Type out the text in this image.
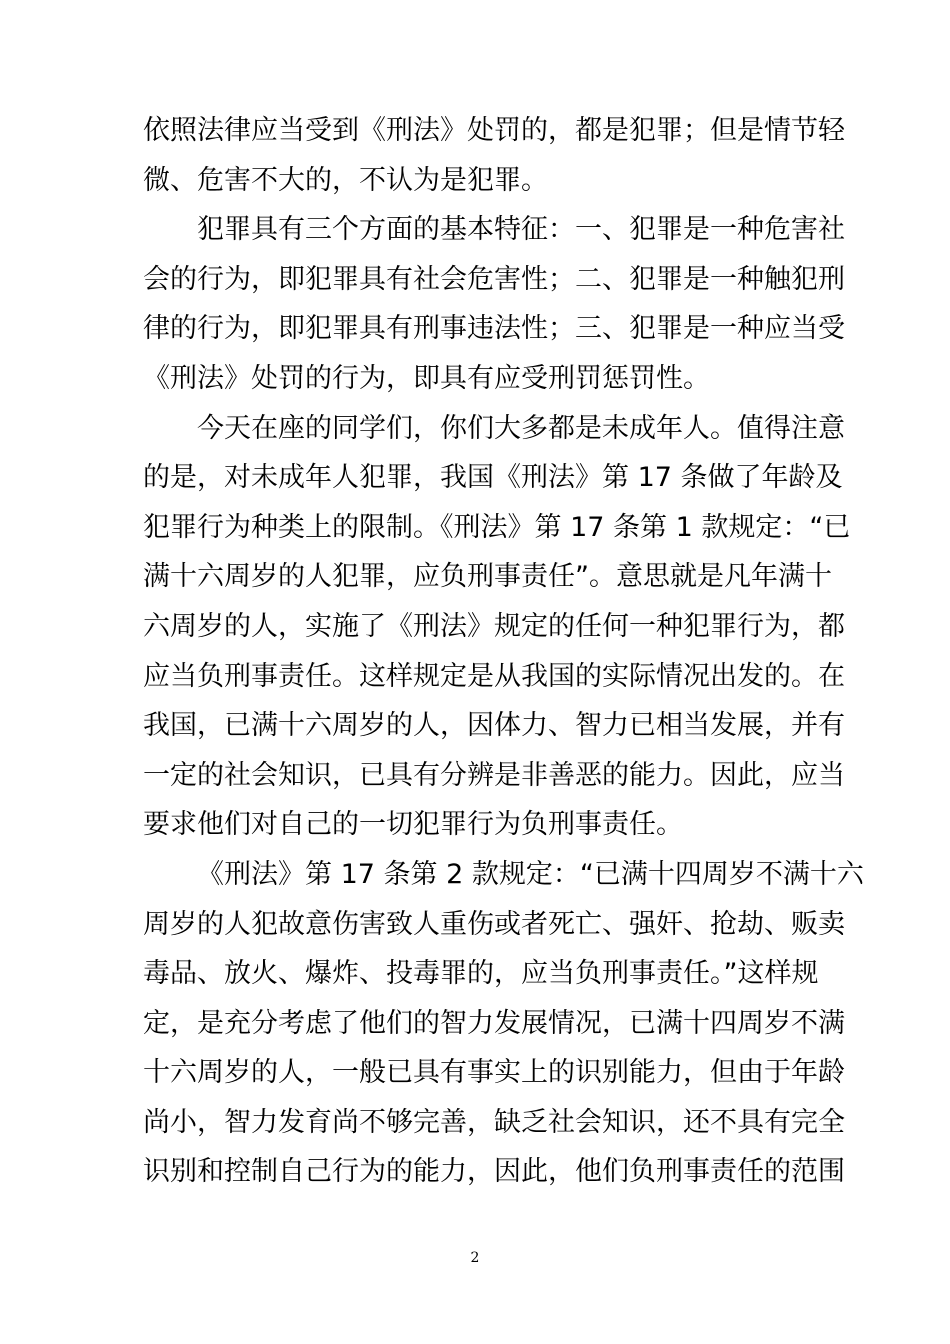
依照法律应当受到《刑法》处罚的，都是犯罪；但是情节轻
微、危害不大的，不认为是犯罪。
犯罪具有三个方面的基本特征：一、犯罪是一种危害社
会的行为，即犯罪具有社会危害性；二、犯罪是一种触犯刑
律的行为，即犯罪具有刑事违法性；三、犯罪是一种应当受
《刑法》处罚的行为，即具有应受刑罚惩罚性。
今天在座的同学们，你们大多都是未成年人。值得注意
的是，对未成年人犯罪，我国《刑法》第 17 条做了年龄及
犯罪行为种类上的限制。《刑法》第 17 条第 1 款规定：“已
满十六周岁的人犯罪，应负刑事责任”。意思就是凡年满十
六周岁的人，实施了《刑法》规定的任何一种犯罪行为，都
应当负刑事责任。这样规定是从我国的实际情况出发的。在
我国，已满十六周岁的人，因体力、智力已相当发展，并有
一定的社会知识，已具有分辨是非善恶的能力。因此，应当
要求他们对自己的一切犯罪行为负刑事责任。
《刑法》第 17 条第 2 款规定：“已满十四周岁不满十六
周岁的人犯故意伤害致人重伤或者死亡、强奸、抢劫、贩卖
毒品、放火、爆炸、投毒罪的，应当负刑事责任。”这样规
定，是充分考虑了他们的智力发展情况，已满十四周岁不满
十六周岁的人，一般已具有事实上的识别能力，但由于年龄
尚小，智力发育尚不够完善，缺乏社会知识，还不具有完全
识别和控制自己行为的能力，因此，他们负刑事责任的范围
2
